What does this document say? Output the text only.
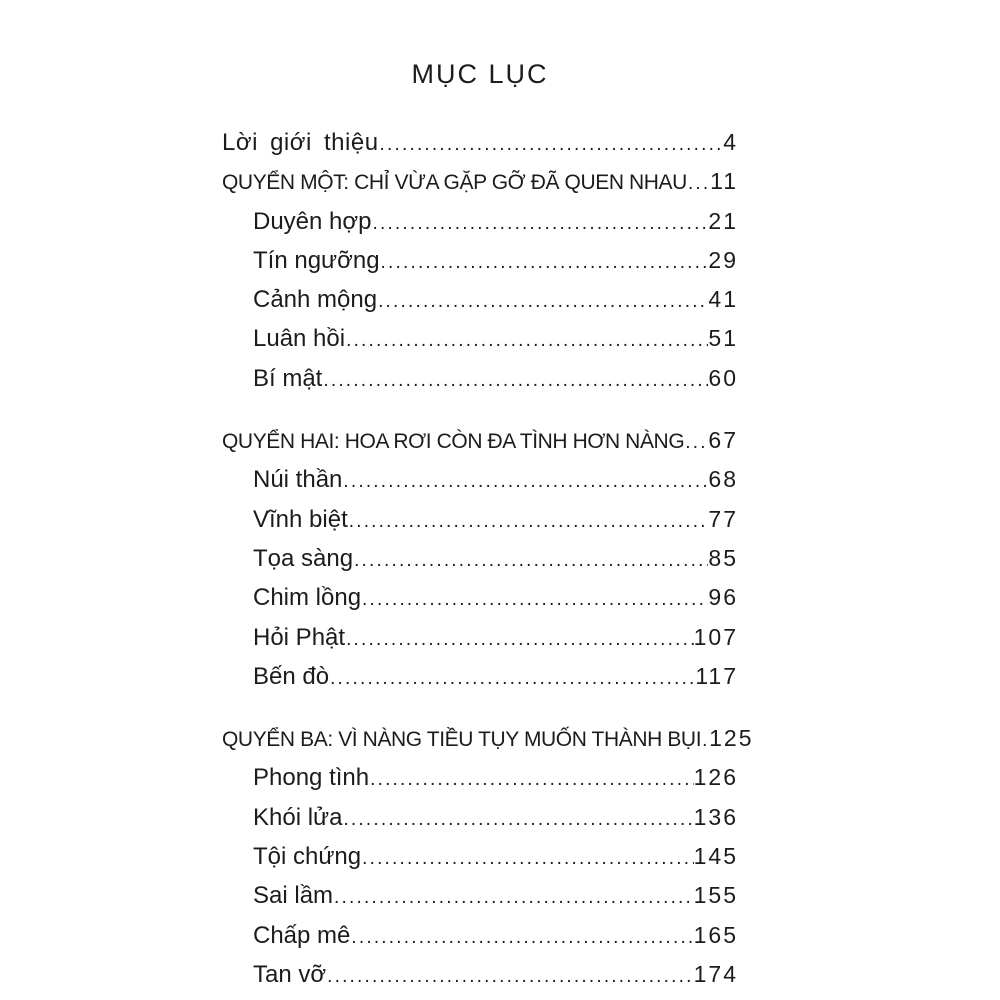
MỤC LỤC
Lời giới thiệu .....	4
QUYỂN MỘT: CHỈ VỪA GẶP GỠ ĐÃ QUEN NHAU ..... 11
Duyên hợp .....	21
Tín ngưỡng .....	29
Cảnh mộng .....	41
Luân hồi .....	51
Bí mật .....	60
QUYỂN HAI: HOA RƠI CÒN ĐA TÌNH HƠN NÀNG ..... 67
Núi thần .....	68
Vĩnh biệt .....	77
Tọa sàng .....	85
Chim lồng .....	96
Hỏi Phật .....	107
Bến đò .....	117
QUYỂN BA: VÌ NÀNG TIỀU TỤY MUỐN THÀNH BỤI ..... 125
Phong tình .....	126
Khói lửa .....	136
Tội chứng .....	145
Sai lầm .....	155
Chấp mê .....	165
Tan vỡ .....	174
